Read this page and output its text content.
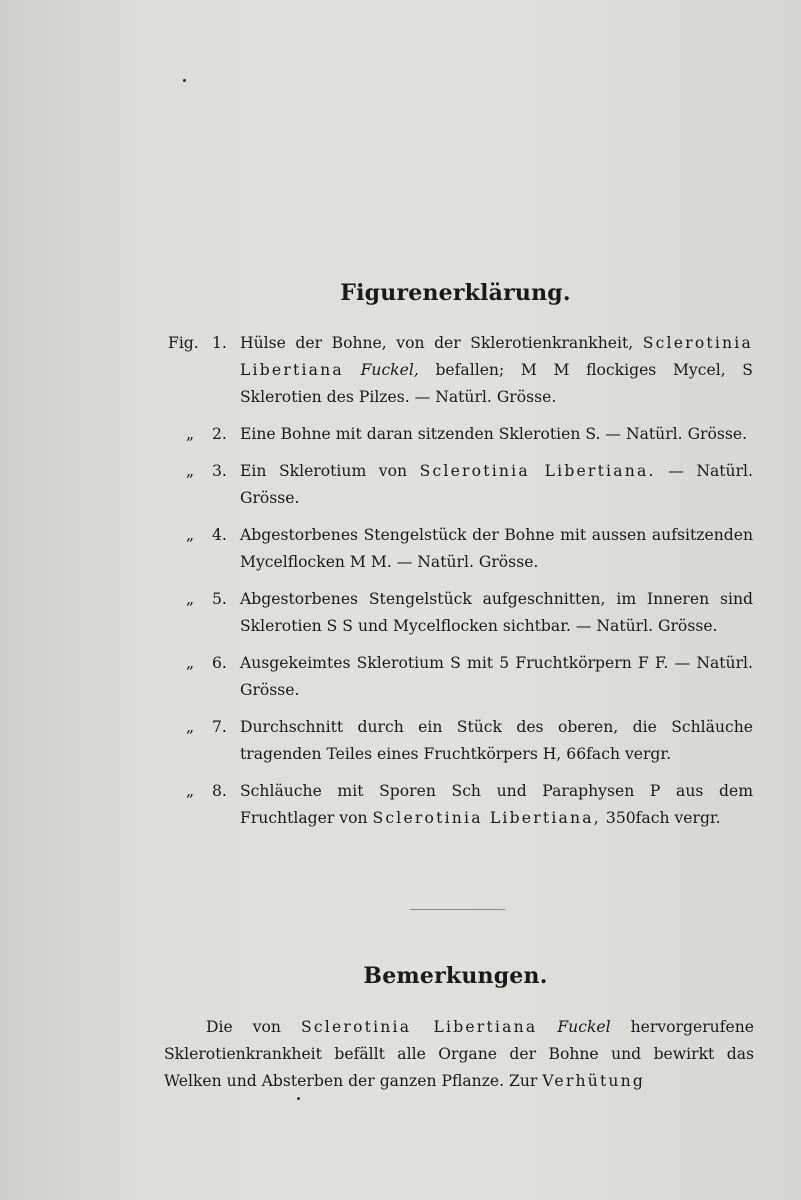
Figurenerklärung.
Fig. 1. Hülse der Bohne, von der Sklerotienkrankheit, Sclerotinia Libertiana Fuckel, befallen; M M flockiges Mycel, S Sklerotien des Pilzes. — Natürl. Grösse.
„ 2. Eine Bohne mit daran sitzenden Sklerotien S. — Natürl. Grösse.
„ 3. Ein Sklerotium von Sclerotinia Libertiana. — Natürl. Grösse.
„ 4. Abgestorbenes Stengelstück der Bohne mit aussen aufsitzenden Mycelflocken M M. — Natürl. Grösse.
„ 5. Abgestorbenes Stengelstück aufgeschnitten, im Inneren sind Sklerotien S S und Mycelflocken sichtbar. — Natürl. Grösse.
„ 6. Ausgekeimtes Sklerotium S mit 5 Fruchtkörpern F F. — Natürl. Grösse.
„ 7. Durchschnitt durch ein Stück des oberen, die Schläuche tragenden Teiles eines Fruchtkörpers H, 66fach vergr.
„ 8. Schläuche mit Sporen Sch und Paraphysen P aus dem Fruchtlager von Sclerotinia Libertiana, 350fach vergr.
Bemerkungen.
Die von Sclerotinia Libertiana Fuckel hervorgerufene Sklerotienkrankheit befällt alle Organe der Bohne und bewirkt das Welken und Absterben der ganzen Pflanze. Zur Verhütung
